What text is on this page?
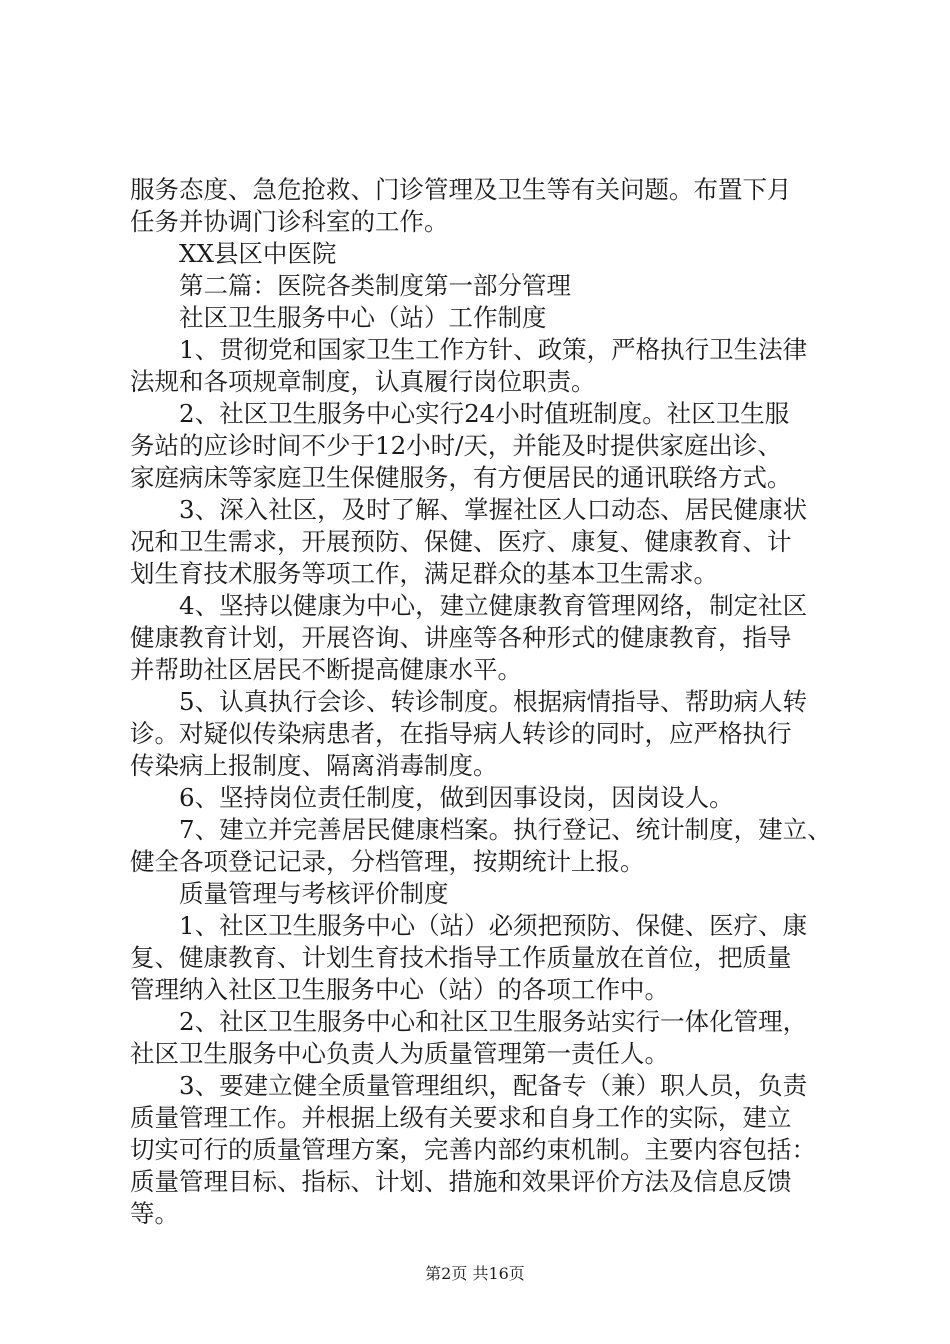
服务态度、急危抢救、门诊管理及卫生等有关问题。布置下月
任务并协调门诊科室的工作。
XX县区中医院
第二篇：医院各类制度第一部分管理
社区卫生服务中心（站）工作制度
1、贯彻党和国家卫生工作方针、政策，严格执行卫生法律
法规和各项规章制度，认真履行岗位职责。
2、社区卫生服务中心实行24小时值班制度。社区卫生服
务站的应诊时间不少于12小时/天，并能及时提供家庭出诊、
家庭病床等家庭卫生保健服务，有方便居民的通讯联络方式。
3、深入社区，及时了解、掌握社区人口动态、居民健康状
况和卫生需求，开展预防、保健、医疗、康复、健康教育、计
划生育技术服务等项工作，满足群众的基本卫生需求。
4、坚持以健康为中心，建立健康教育管理网络，制定社区
健康教育计划，开展咨询、讲座等各种形式的健康教育，指导
并帮助社区居民不断提高健康水平。
5、认真执行会诊、转诊制度。根据病情指导、帮助病人转
诊。对疑似传染病患者，在指导病人转诊的同时，应严格执行
传染病上报制度、隔离消毒制度。
6、坚持岗位责任制度，做到因事设岗，因岗设人。
7、建立并完善居民健康档案。执行登记、统计制度，建立、
健全各项登记记录，分档管理，按期统计上报。
质量管理与考核评价制度
1、社区卫生服务中心（站）必须把预防、保健、医疗、康
复、健康教育、计划生育技术指导工作质量放在首位，把质量
管理纳入社区卫生服务中心（站）的各项工作中。
2、社区卫生服务中心和社区卫生服务站实行一体化管理，
社区卫生服务中心负责人为质量管理第一责任人。
3、要建立健全质量管理组织，配备专（兼）职人员，负责
质量管理工作。并根据上级有关要求和自身工作的实际，建立
切实可行的质量管理方案，完善内部约束机制。主要内容包括：
质量管理目标、指标、计划、措施和效果评价方法及信息反馈
等。
第2页 共16页
